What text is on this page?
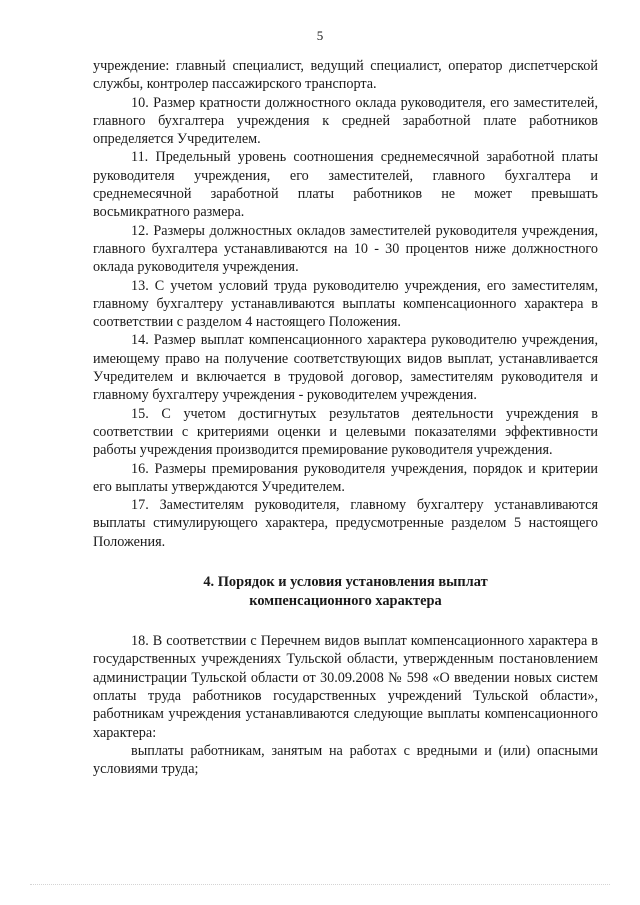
5

учреждение: главный специалист, ведущий специалист, оператор диспетчерской службы, контролер пассажирского транспорта.

10. Размер кратности должностного оклада руководителя, его заместителей, главного бухгалтера учреждения к средней заработной плате работников определяется Учредителем.

11. Предельный уровень соотношения среднемесячной заработной платы руководителя учреждения, его заместителей, главного бухгалтера и среднемесячной заработной платы работников не может превышать восьмикратного размера.

12. Размеры должностных окладов заместителей руководителя учреждения, главного бухгалтера устанавливаются на 10 - 30 процентов ниже должностного оклада руководителя учреждения.

13. С учетом условий труда руководителю учреждения, его заместителям, главному бухгалтеру устанавливаются выплаты компенсационного характера в соответствии с разделом 4 настоящего Положения.

14. Размер выплат компенсационного характера руководителю учреждения, имеющему право на получение соответствующих видов выплат, устанавливается Учредителем и включается в трудовой договор, заместителям руководителя и главному бухгалтеру учреждения - руководителем учреждения.

15. С учетом достигнутых результатов деятельности учреждения в соответствии с критериями оценки и целевыми показателями эффективности работы учреждения производится премирование руководителя учреждения.

16. Размеры премирования руководителя учреждения, порядок и критерии его выплаты утверждаются Учредителем.

17. Заместителям руководителя, главному бухгалтеру устанавливаются выплаты стимулирующего характера, предусмотренные разделом 5 настоящего Положения.

4. Порядок и условия установления выплат
компенсационного характера

18. В соответствии с Перечнем видов выплат компенсационного характера в государственных учреждениях Тульской области, утвержденным постановлением администрации Тульской области от 30.09.2008 № 598 «О введении новых систем оплаты труда работников государственных учреждений Тульской области», работникам учреждения устанавливаются следующие выплаты компенсационного характера:

выплаты работникам, занятым на работах с вредными и (или) опасными условиями труда;
